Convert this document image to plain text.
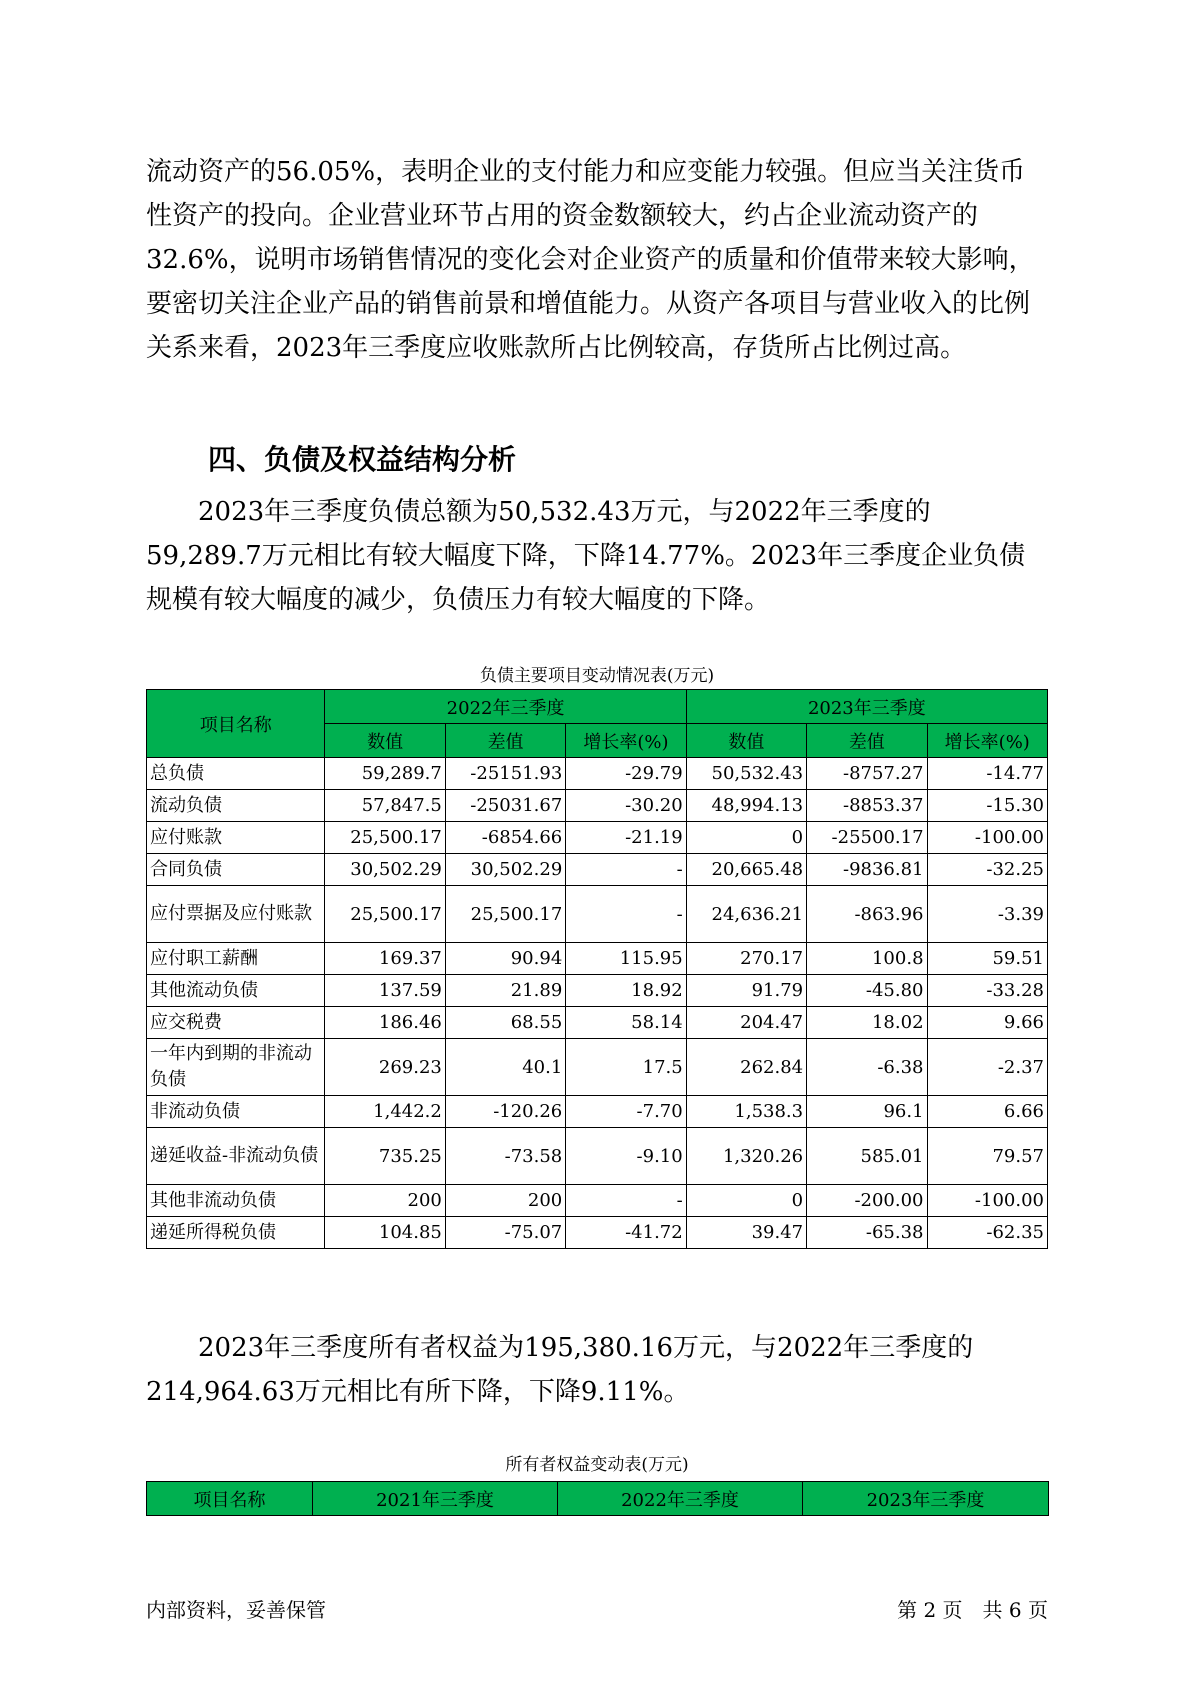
流动资产的56.05%，表明企业的支付能力和应变能力较强。但应当关注货币性资产的投向。企业营业环节占用的资金数额较大，约占企业流动资产的32.6%，说明市场销售情况的变化会对企业资产的质量和价值带来较大影响，要密切关注企业产品的销售前景和增值能力。从资产各项目与营业收入的比例关系来看，2023年三季度应收账款所占比例较高，存货所占比例过高。

四、负债及权益结构分析

2023年三季度负债总额为50,532.43万元，与2022年三季度的59,289.7万元相比有较大幅度下降，下降14.77%。2023年三季度企业负债规模有较大幅度的减少，负债压力有较大幅度的下降。

负债主要项目变动情况表(万元)

项目名称	2022年三季度			2023年三季度		
	数值	差值	增长率(%)	数值	差值	增长率(%)
总负债	59,289.7	-25151.93	-29.79	50,532.43	-8757.27	-14.77
流动负债	57,847.5	-25031.67	-30.20	48,994.13	-8853.37	-15.30
应付账款	25,500.17	-6854.66	-21.19	0	-25500.17	-100.00
合同负债	30,502.29	30,502.29	-	20,665.48	-9836.81	-32.25
应付票据及应付账款	25,500.17	25,500.17	-	24,636.21	-863.96	-3.39
应付职工薪酬	169.37	90.94	115.95	270.17	100.8	59.51
其他流动负债	137.59	21.89	18.92	91.79	-45.80	-33.28
应交税费	186.46	68.55	58.14	204.47	18.02	9.66
一年内到期的非流动负债	269.23	40.1	17.5	262.84	-6.38	-2.37
非流动负债	1,442.2	-120.26	-7.70	1,538.3	96.1	6.66
递延收益-非流动负债	735.25	-73.58	-9.10	1,320.26	585.01	79.57
其他非流动负债	200	200	-	0	-200.00	-100.00
递延所得税负债	104.85	-75.07	-41.72	39.47	-65.38	-62.35

2023年三季度所有者权益为195,380.16万元，与2022年三季度的214,964.63万元相比有所下降，下降9.11%。

所有者权益变动表(万元)

项目名称	2021年三季度	2022年三季度	2023年三季度

内部资料，妥善保管	第 2 页　共 6 页
